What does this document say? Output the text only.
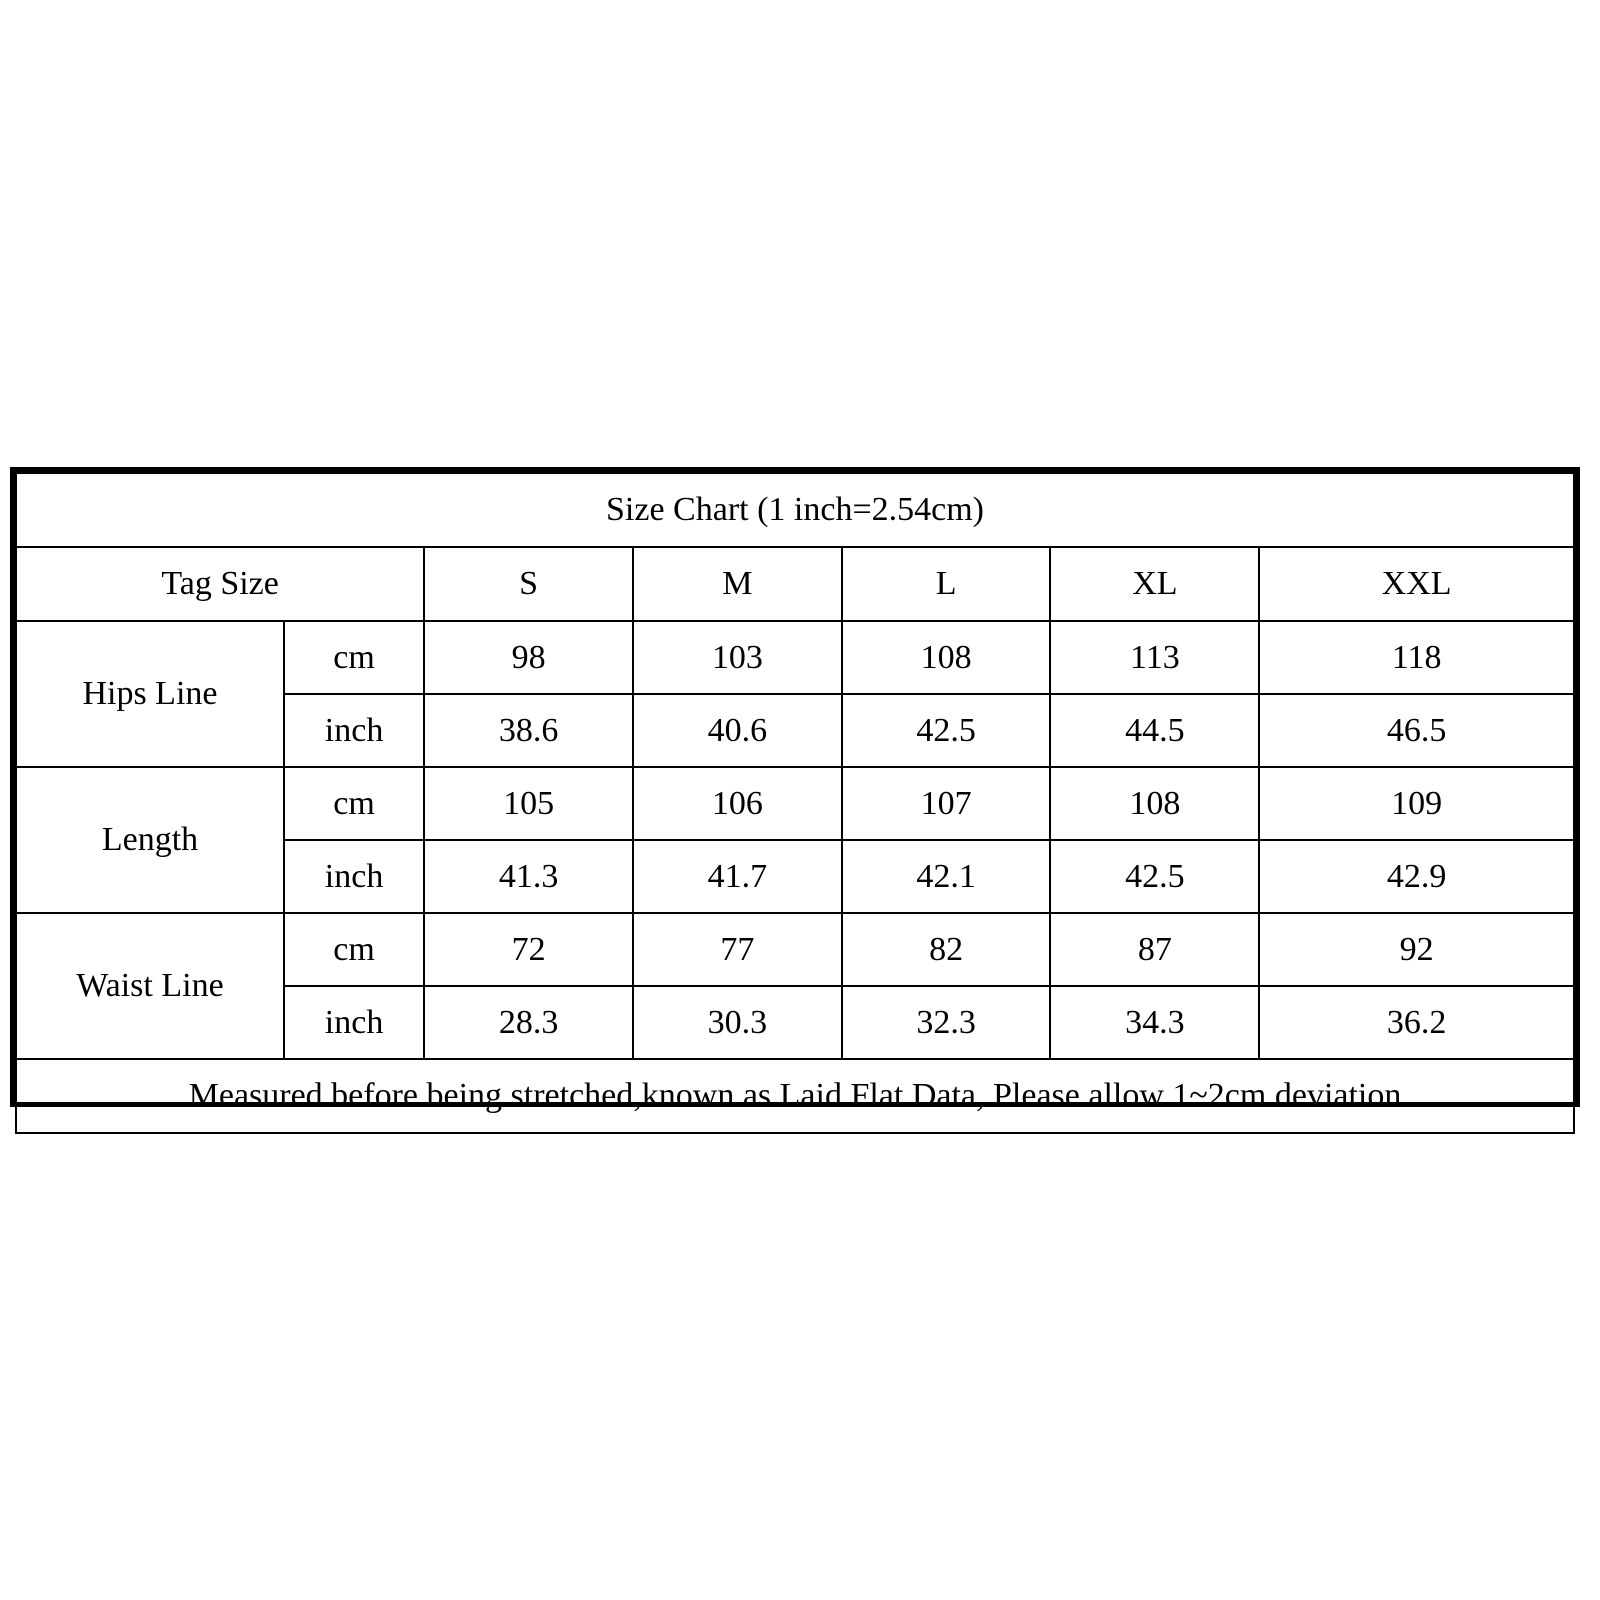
Size Chart (1 inch=2.54cm)						
Tag Size		S	M	L	XL	XXL
Hips Line	cm	98	103	108	113	118
	inch	38.6	40.6	42.5	44.5	46.5
Length	cm	105	106	107	108	109
	inch	41.3	41.7	42.1	42.5	42.9
Waist Line	cm	72	77	82	87	92
	inch	28.3	30.3	32.3	34.3	36.2
Measured before being stretched,known as Laid Flat Data, Please allow 1~2cm deviation						
